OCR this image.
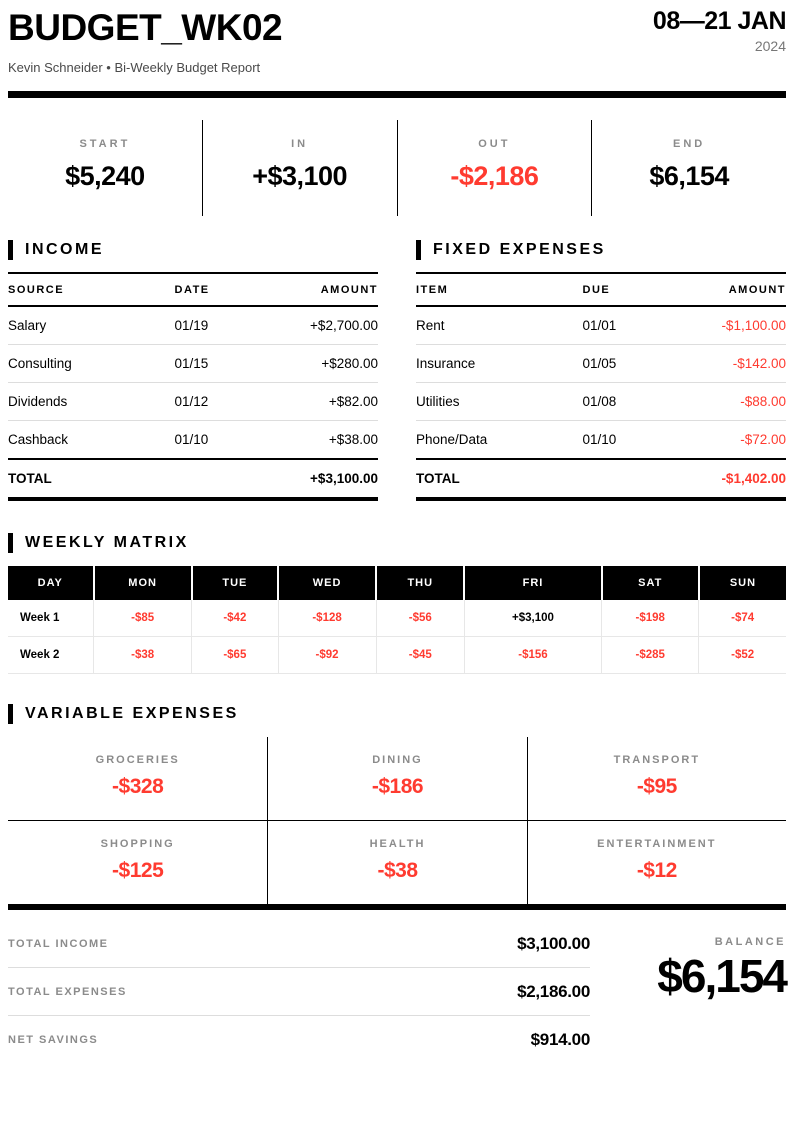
BUDGET_WK02	08—21 JAN
2024
Kevin Schneider • Bi-Weekly Budget Report
START
$5,240
IN
+$3,100
OUT
-$2,186
END
$6,154
INCOME
SOURCE	DATE	AMOUNT
Salary	01/19	+$2,700.00
Consulting	01/15	+$280.00
Dividends	01/12	+$82.00
Cashback	01/10	+$38.00
TOTAL		+$3,100.00
FIXED EXPENSES
ITEM	DUE	AMOUNT
Rent	01/01	-$1,100.00
Insurance	01/05	-$142.00
Utilities	01/08	-$88.00
Phone/Data	01/10	-$72.00
TOTAL		-$1,402.00
WEEKLY MATRIX
DAY	MON	TUE	WED	THU	FRI	SAT	SUN
Week 1	-$85	-$42	-$128	-$56	+$3,100	-$198	-$74
Week 2	-$38	-$65	-$92	-$45	-$156	-$285	-$52
VARIABLE EXPENSES
GROCERIES
-$328
DINING
-$186
TRANSPORT
-$95
SHOPPING
-$125
HEALTH
-$38
ENTERTAINMENT
-$12
TOTAL INCOME	$3,100.00
TOTAL EXPENSES	$2,186.00
NET SAVINGS	$914.00
BALANCE
$6,154
